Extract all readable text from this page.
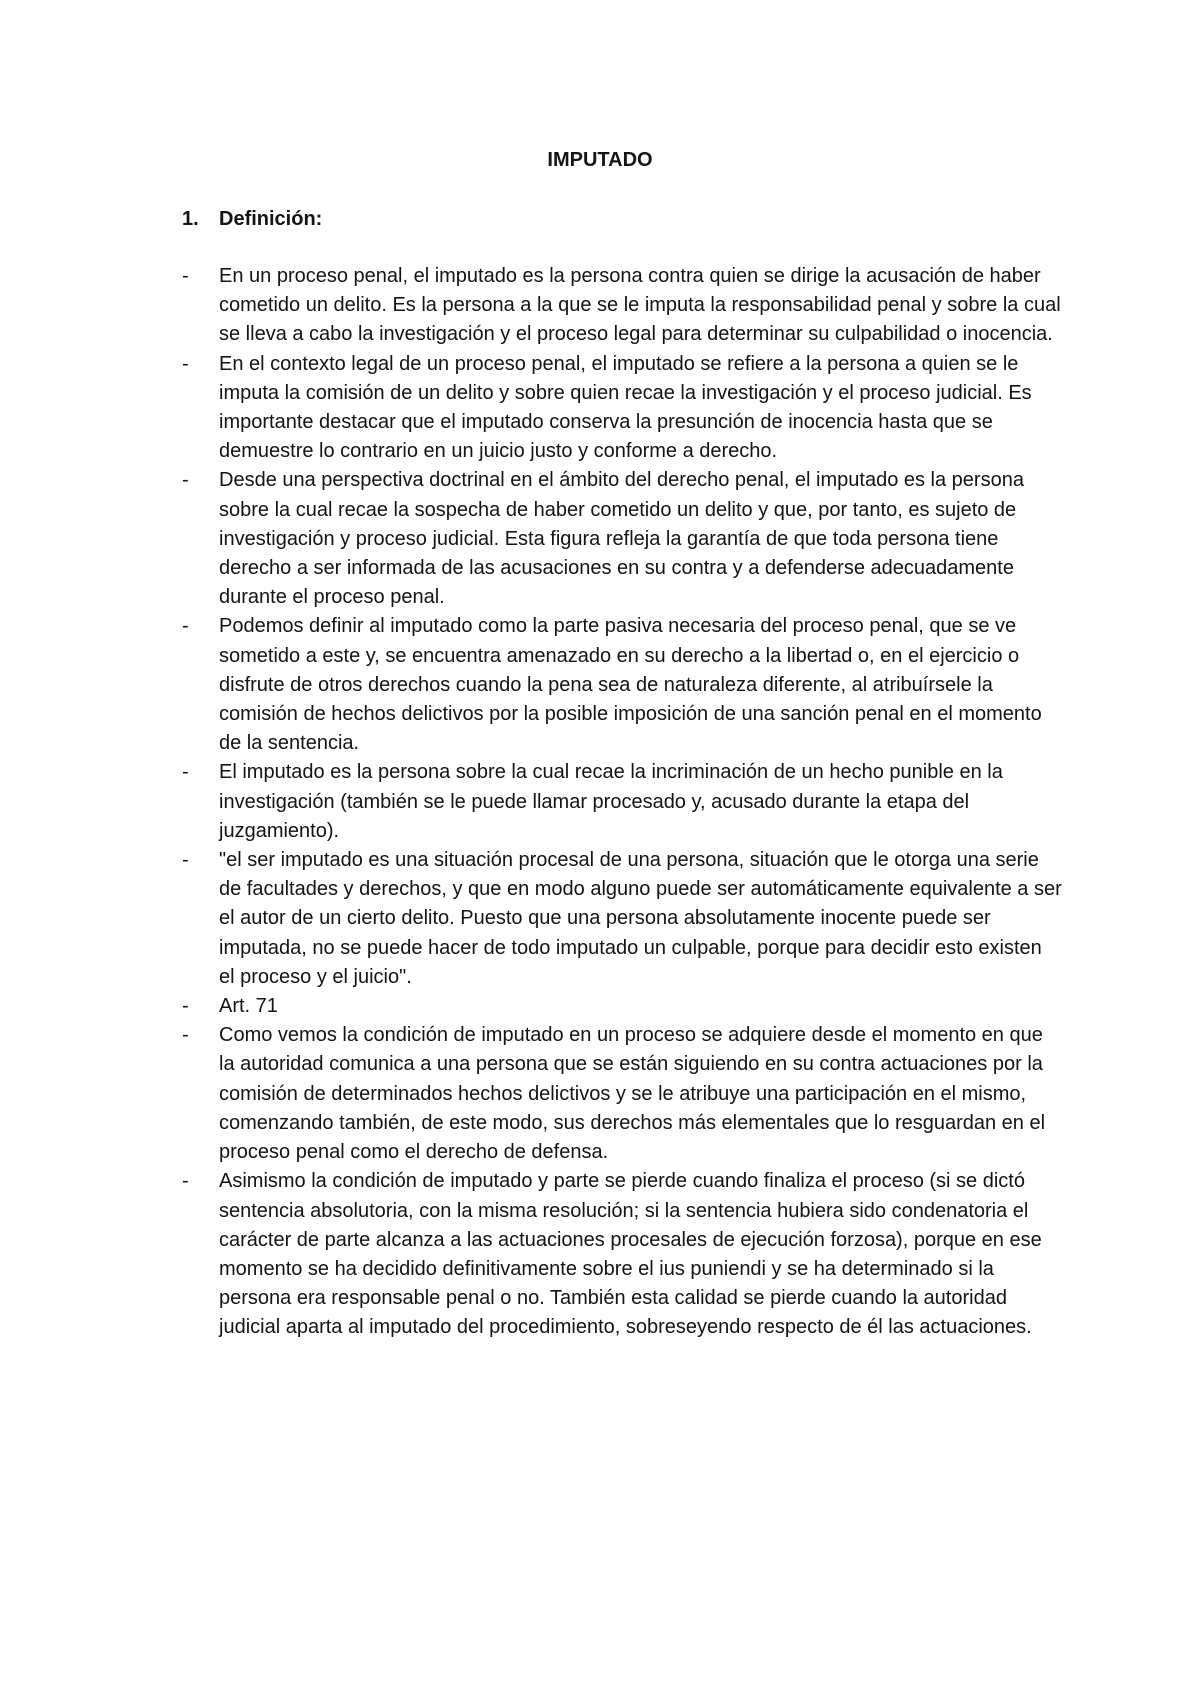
IMPUTADO
1.	Definición:
- En un proceso penal, el imputado es la persona contra quien se dirige la acusación de haber cometido un delito. Es la persona a la que se le imputa la responsabilidad penal y sobre la cual se lleva a cabo la investigación y el proceso legal para determinar su culpabilidad o inocencia.
- En el contexto legal de un proceso penal, el imputado se refiere a la persona a quien se le imputa la comisión de un delito y sobre quien recae la investigación y el proceso judicial. Es importante destacar que el imputado conserva la presunción de inocencia hasta que se demuestre lo contrario en un juicio justo y conforme a derecho.
- Desde una perspectiva doctrinal en el ámbito del derecho penal, el imputado es la persona sobre la cual recae la sospecha de haber cometido un delito y que, por tanto, es sujeto de investigación y proceso judicial. Esta figura refleja la garantía de que toda persona tiene derecho a ser informada de las acusaciones en su contra y a defenderse adecuadamente durante el proceso penal.
- Podemos definir al imputado como la parte pasiva necesaria del proceso penal, que se ve sometido a este y, se encuentra amenazado en su derecho a la libertad o, en el ejercicio o disfrute de otros derechos cuando la pena sea de naturaleza diferente, al atribuírsele la comisión de hechos delictivos por la posible imposición de una sanción penal en el momento de la sentencia.
- El imputado es la persona sobre la cual recae la incriminación de un hecho punible en la investigación (también se le puede llamar procesado y, acusado durante la etapa del juzgamiento).
- "el ser imputado es una situación procesal de una persona, situación que le otorga una serie de facultades y derechos, y que en modo alguno puede ser automáticamente equivalente a ser el autor de un cierto delito. Puesto que una persona absolutamente inocente puede ser imputada, no se puede hacer de todo imputado un culpable, porque para decidir esto existen el proceso y el juicio".
- Art. 71
- Como vemos la condición de imputado en un proceso se adquiere desde el momento en que la autoridad comunica a una persona que se están siguiendo en su contra actuaciones por la comisión de determinados hechos delictivos y se le atribuye una participación en el mismo, comenzando también, de este modo, sus derechos más elementales que lo resguardan en el proceso penal como el derecho de defensa.
- Asimismo la condición de imputado y parte se pierde cuando finaliza el proceso (si se dictó sentencia absolutoria, con la misma resolución; si la sentencia hubiera sido condenatoria el carácter de parte alcanza a las actuaciones procesales de ejecución forzosa), porque en ese momento se ha decidido definitivamente sobre el ius puniendi y se ha determinado si la persona era responsable penal o no. También esta calidad se pierde cuando la autoridad judicial aparta al imputado del procedimiento, sobreseyendo respecto de él las actuaciones.
